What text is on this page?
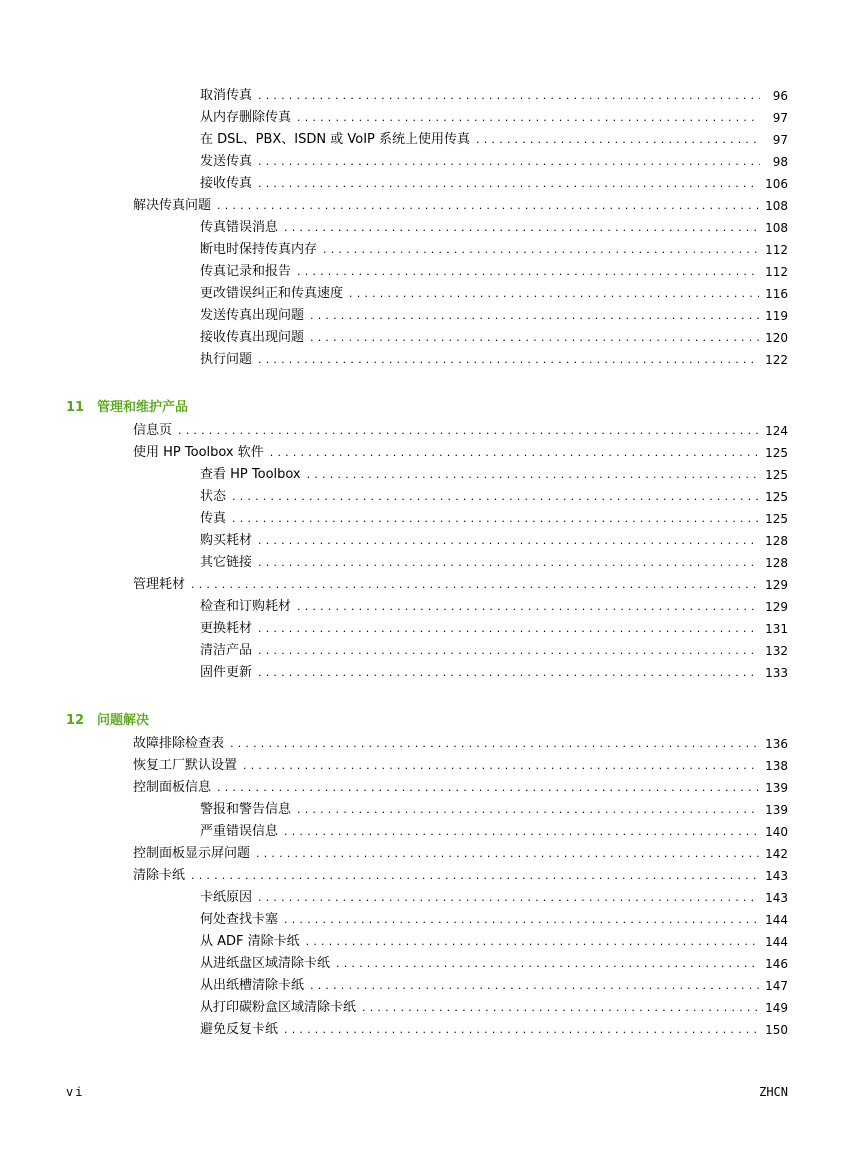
取消传真 .....	96
从内存删除传真 .....	97
在 DSL、PBX、ISDN 或 VoIP 系统上使用传真 .....	97
发送传真 .....	98
接收传真 .....	106
解决传真问题 .....	108
传真错误消息 .....	108
断电时保持传真内存 .....	112
传真记录和报告 .....	112
更改错误纠正和传真速度 .....	116
发送传真出现问题 .....	119
接收传真出现问题 .....	120
执行问题 .....	122
11 管理和维护产品
信息页 .....	124
使用 HP Toolbox 软件 .....	125
查看 HP Toolbox .....	125
状态 .....	125
传真 .....	125
购买耗材 .....	128
其它链接 .....	128
管理耗材 .....	129
检查和订购耗材 .....	129
更换耗材 .....	131
清洁产品 .....	132
固件更新 .....	133
12 问题解决
故障排除检查表 .....	136
恢复工厂默认设置 .....	138
控制面板信息 .....	139
警报和警告信息 .....	139
严重错误信息 .....	140
控制面板显示屏问题 .....	142
清除卡纸 .....	143
卡纸原因 .....	143
何处查找卡塞 .....	144
从 ADF 清除卡纸 .....	144
从进纸盘区域清除卡纸 .....	146
从出纸槽清除卡纸 .....	147
从打印碳粉盒区域清除卡纸 .....	149
避免反复卡纸 .....	150
vi	ZHCN
